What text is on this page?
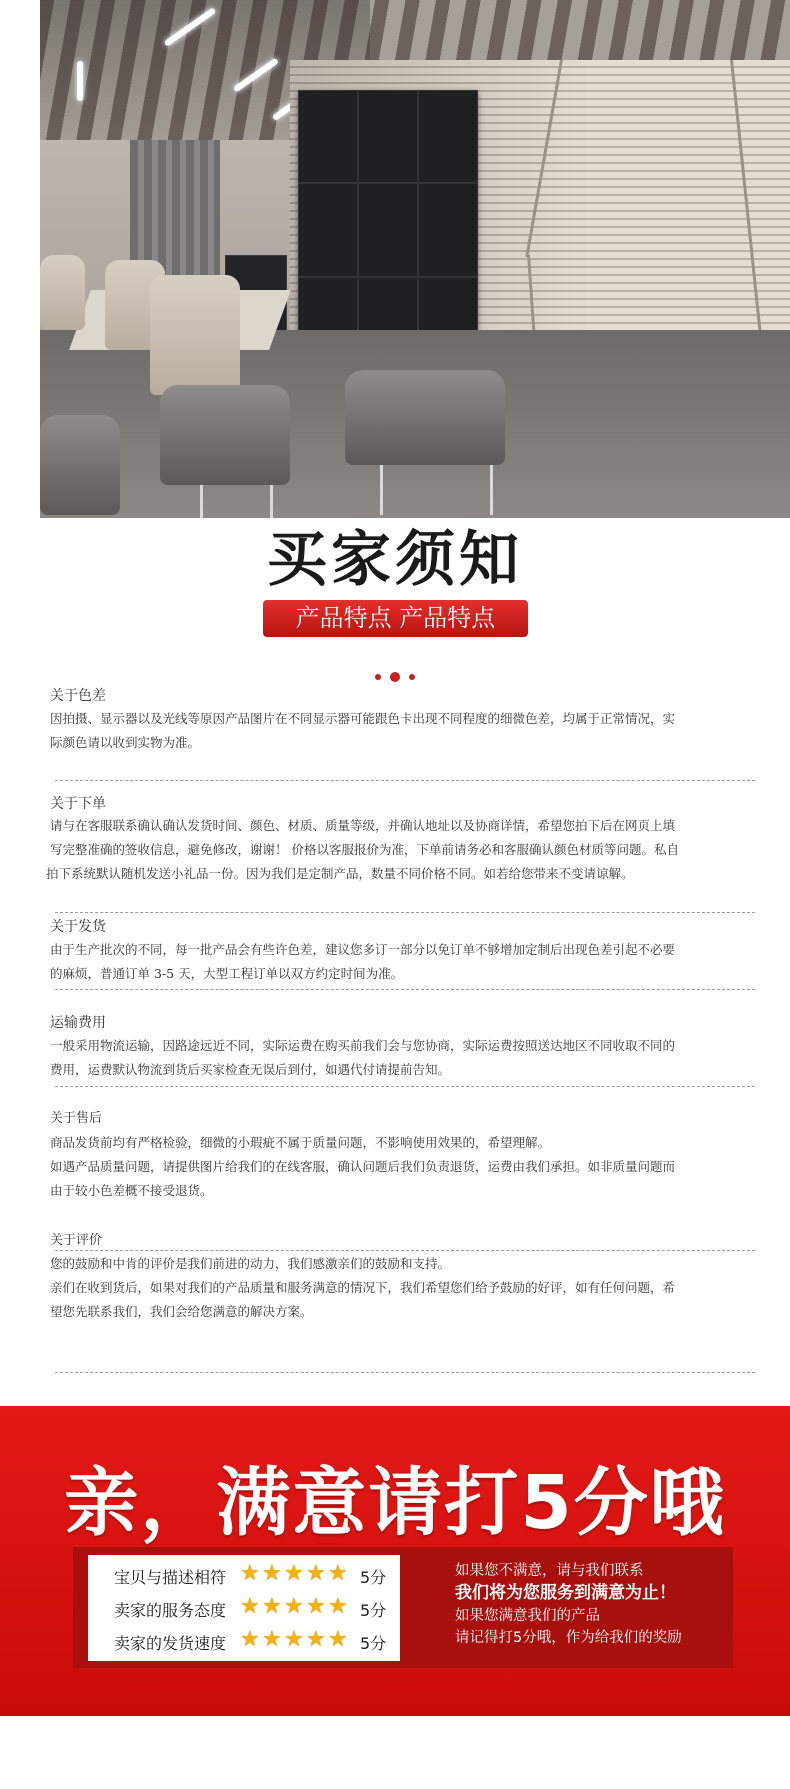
买家须知
产品特点 产品特点

关于色差

因拍摄、显示器以及光线等原因产品图片在不同显示器可能跟色卡出现不同程度的细微色差，均属于正常情况，实

际颜色请以收到实物为准。

关于下单

请与在客服联系确认确认发货时间、颜色、材质、质量等级，并确认地址以及协商详情，希望您拍下后在网页上填

写完整准确的签收信息，避免修改，谢谢！ 价格以客服报价为准，下单前请务必和客服确认颜色材质等问题。私自

拍下系统默认随机发送小礼品一份。因为我们是定制产品，数量不同价格不同。如若给您带来不变请谅解。

关于发货

由于生产批次的不同，每一批产品会有些许色差，建议您多订一部分以免订单不够增加定制后出现色差引起不必要

的麻烦，普通订单 3-5 天，大型工程订单以双方约定时间为准。

运输费用

一般采用物流运输，因路途远近不同，实际运费在购买前我们会与您协商，实际运费按照送达地区不同收取不同的

费用，运费默认物流到货后买家检查无误后到付，如遇代付请提前告知。

关于售后

商品发货前均有严格检验，细微的小瑕疵不属于质量问题，不影响使用效果的，希望理解。

如遇产品质量问题，请提供图片给我们的在线客服，确认问题后我们负责退货，运费由我们承担。如非质量问题而

由于较小色差概不接受退货。

关于评价

您的鼓励和中肯的评价是我们前进的动力，我们感激亲们的鼓励和支持。

亲们在收到货后，如果对我们的产品质量和服务满意的情况下，我们希望您们给予鼓励的好评，如有任何问题，希

望您先联系我们，我们会给您满意的解决方案。

亲，满意请打5分哦
宝贝与描述相符 ★ ★ ★ ★ ★ 5分
卖家的服务态度 ★ ★ ★ ★ ★ 5分
卖家的发货速度 ★ ★ ★ ★ ★ 5分
如果您不满意，请与我们联系
我们将为您服务到满意为止！
如果您满意我们的产品
请记得打5分哦，作为给我们的奖励
